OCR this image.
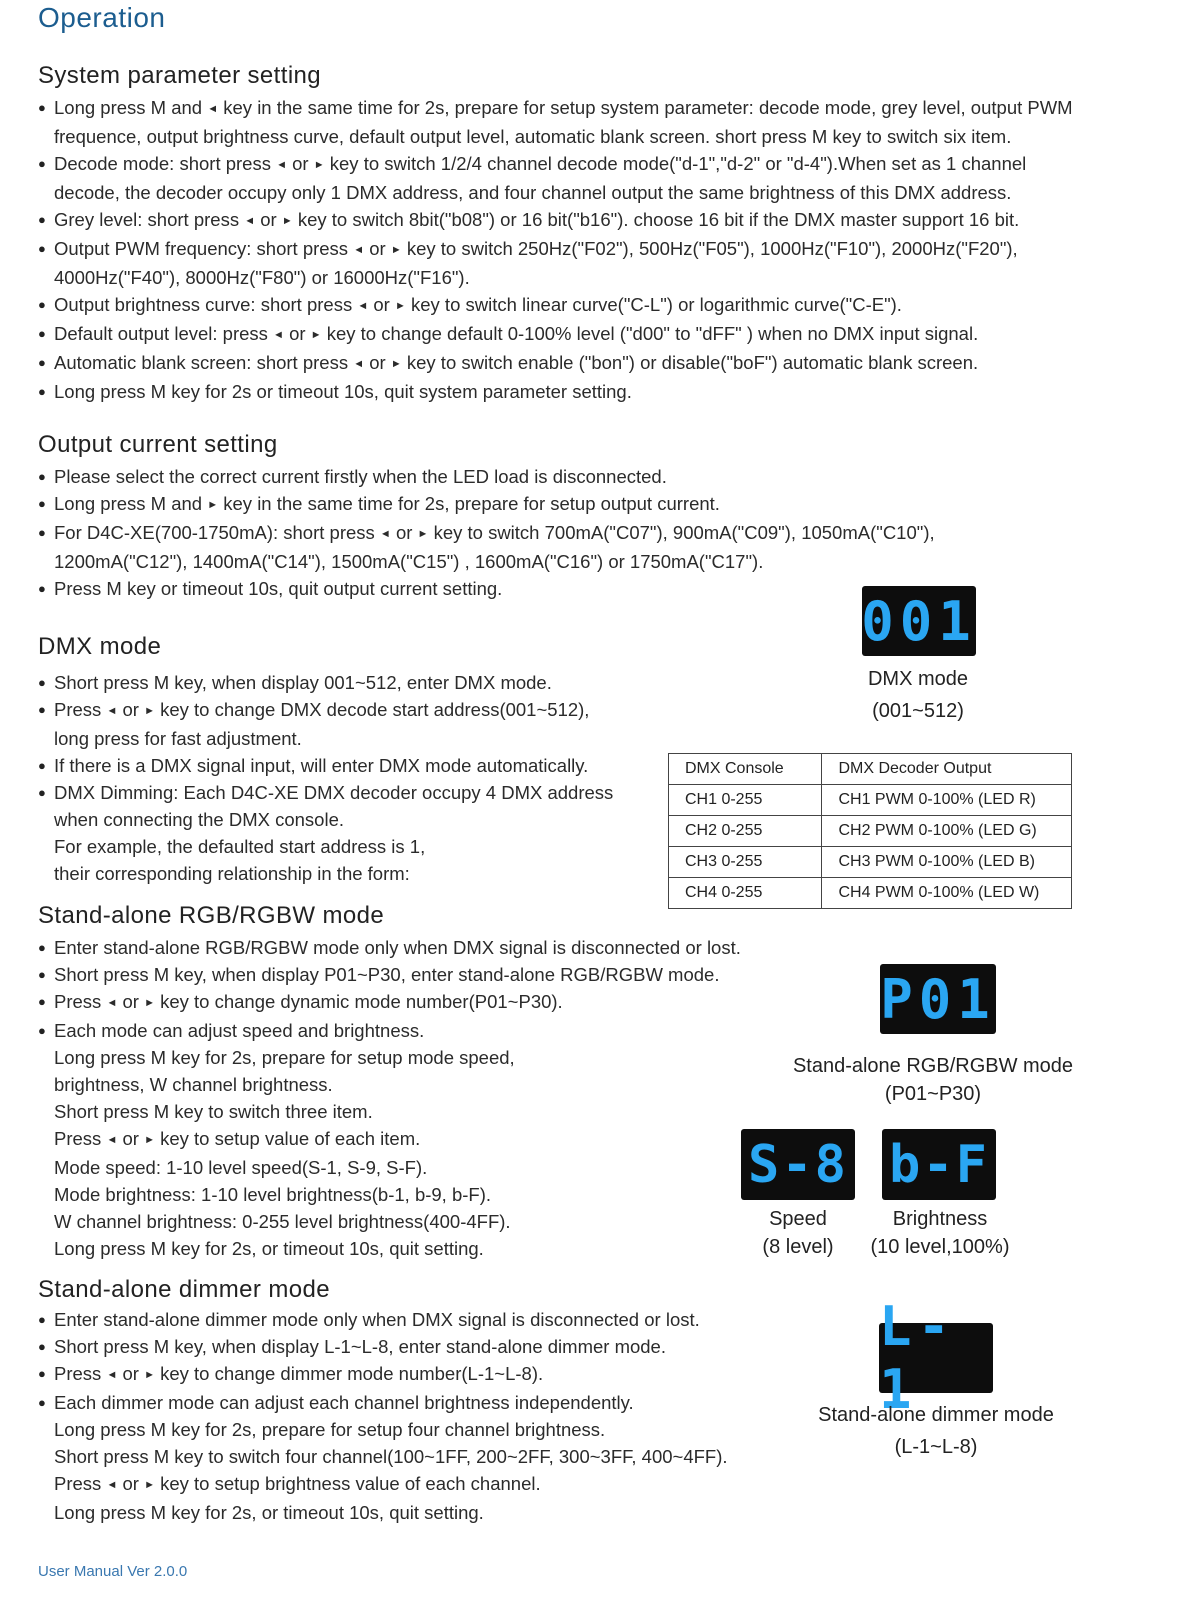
Operation
System parameter setting
● Long press M and ◄ key in the same time for 2s, prepare for setup system parameter: decode mode, grey level, output PWM
frequence, output brightness curve, default output level, automatic blank screen. short press M key to switch six item.
● Decode mode: short press ◄ or ► key to switch 1/2/4 channel decode mode("d-1","d-2" or "d-4").When set as 1 channel
decode, the decoder occupy only 1 DMX address, and four channel output the same brightness of this DMX address.
● Grey level: short press ◄ or ► key to switch 8bit("b08") or 16 bit("b16"). choose 16 bit if the DMX master support 16 bit.
● Output PWM frequency: short press ◄ or ► key to switch 250Hz("F02"), 500Hz("F05"), 1000Hz("F10"), 2000Hz("F20"),
4000Hz("F40"), 8000Hz("F80") or 16000Hz("F16").
● Output brightness curve: short press ◄ or ► key to switch linear curve("C-L") or logarithmic curve("C-E").
● Default output level: press ◄ or ► key to change default 0-100% level ("d00" to "dFF" ) when no DMX input signal.
● Automatic blank screen: short press ◄ or ► key to switch enable ("bon") or disable("boF") automatic blank screen.
● Long press M key for 2s or timeout 10s, quit system parameter setting.
Output current setting
● Please select the correct current firstly when the LED load is disconnected.
● Long press M and ► key in the same time for 2s, prepare for setup output current.
● For D4C-XE(700-1750mA): short press ◄ or ► key to switch 700mA("C07"), 900mA("C09"), 1050mA("C10"),
1200mA("C12"), 1400mA("C14"), 1500mA("C15") , 1600mA("C16") or 1750mA("C17").
● Press M key or timeout 10s, quit output current setting.
DMX mode
● Short press M key, when display 001~512, enter DMX mode.
● Press ◄ or ► key to change DMX decode start address(001~512),
long press for fast adjustment.
● If there is a DMX signal input, will enter DMX mode automatically.
● DMX Dimming: Each D4C-XE DMX decoder occupy 4 DMX address
when connecting the DMX console.
For example, the defaulted start address is 1,
their corresponding relationship in the form:
001
DMX mode
(001~512)
DMX Console	DMX Decoder Output
CH1 0-255	CH1 PWM 0-100% (LED R)
CH2 0-255	CH2 PWM 0-100% (LED G)
CH3 0-255	CH3 PWM 0-100% (LED B)
CH4 0-255	CH4 PWM 0-100% (LED W)
Stand-alone RGB/RGBW mode
● Enter stand-alone RGB/RGBW mode only when DMX signal is disconnected or lost.
● Short press M key, when display P01~P30, enter stand-alone RGB/RGBW mode.
● Press ◄ or ► key to change dynamic mode number(P01~P30).
● Each mode can adjust speed and brightness.
Long press M key for 2s, prepare for setup mode speed,
brightness, W channel brightness.
Short press M key to switch three item.
Press ◄ or ► key to setup value of each item.
Mode speed: 1-10 level speed(S-1, S-9, S-F).
Mode brightness: 1-10 level brightness(b-1, b-9, b-F).
W channel brightness: 0-255 level brightness(400-4FF).
Long press M key for 2s, or timeout 10s, quit setting.
P01
Stand-alone RGB/RGBW mode
(P01~P30)
S-8
Speed
(8 level)
b-F
Brightness
(10 level,100%)
Stand-alone dimmer mode
● Enter stand-alone dimmer mode only when DMX signal is disconnected or lost.
● Short press M key, when display L-1~L-8, enter stand-alone dimmer mode.
● Press ◄ or ► key to change dimmer mode number(L-1~L-8).
● Each dimmer mode can adjust each channel brightness independently.
Long press M key for 2s, prepare for setup four channel brightness.
Short press M key to switch four channel(100~1FF, 200~2FF, 300~3FF, 400~4FF).
Press ◄ or ► key to setup brightness value of each channel.
Long press M key for 2s, or timeout 10s, quit setting.
L-1
Stand-alone dimmer mode
(L-1~L-8)
User Manual Ver 2.0.0
